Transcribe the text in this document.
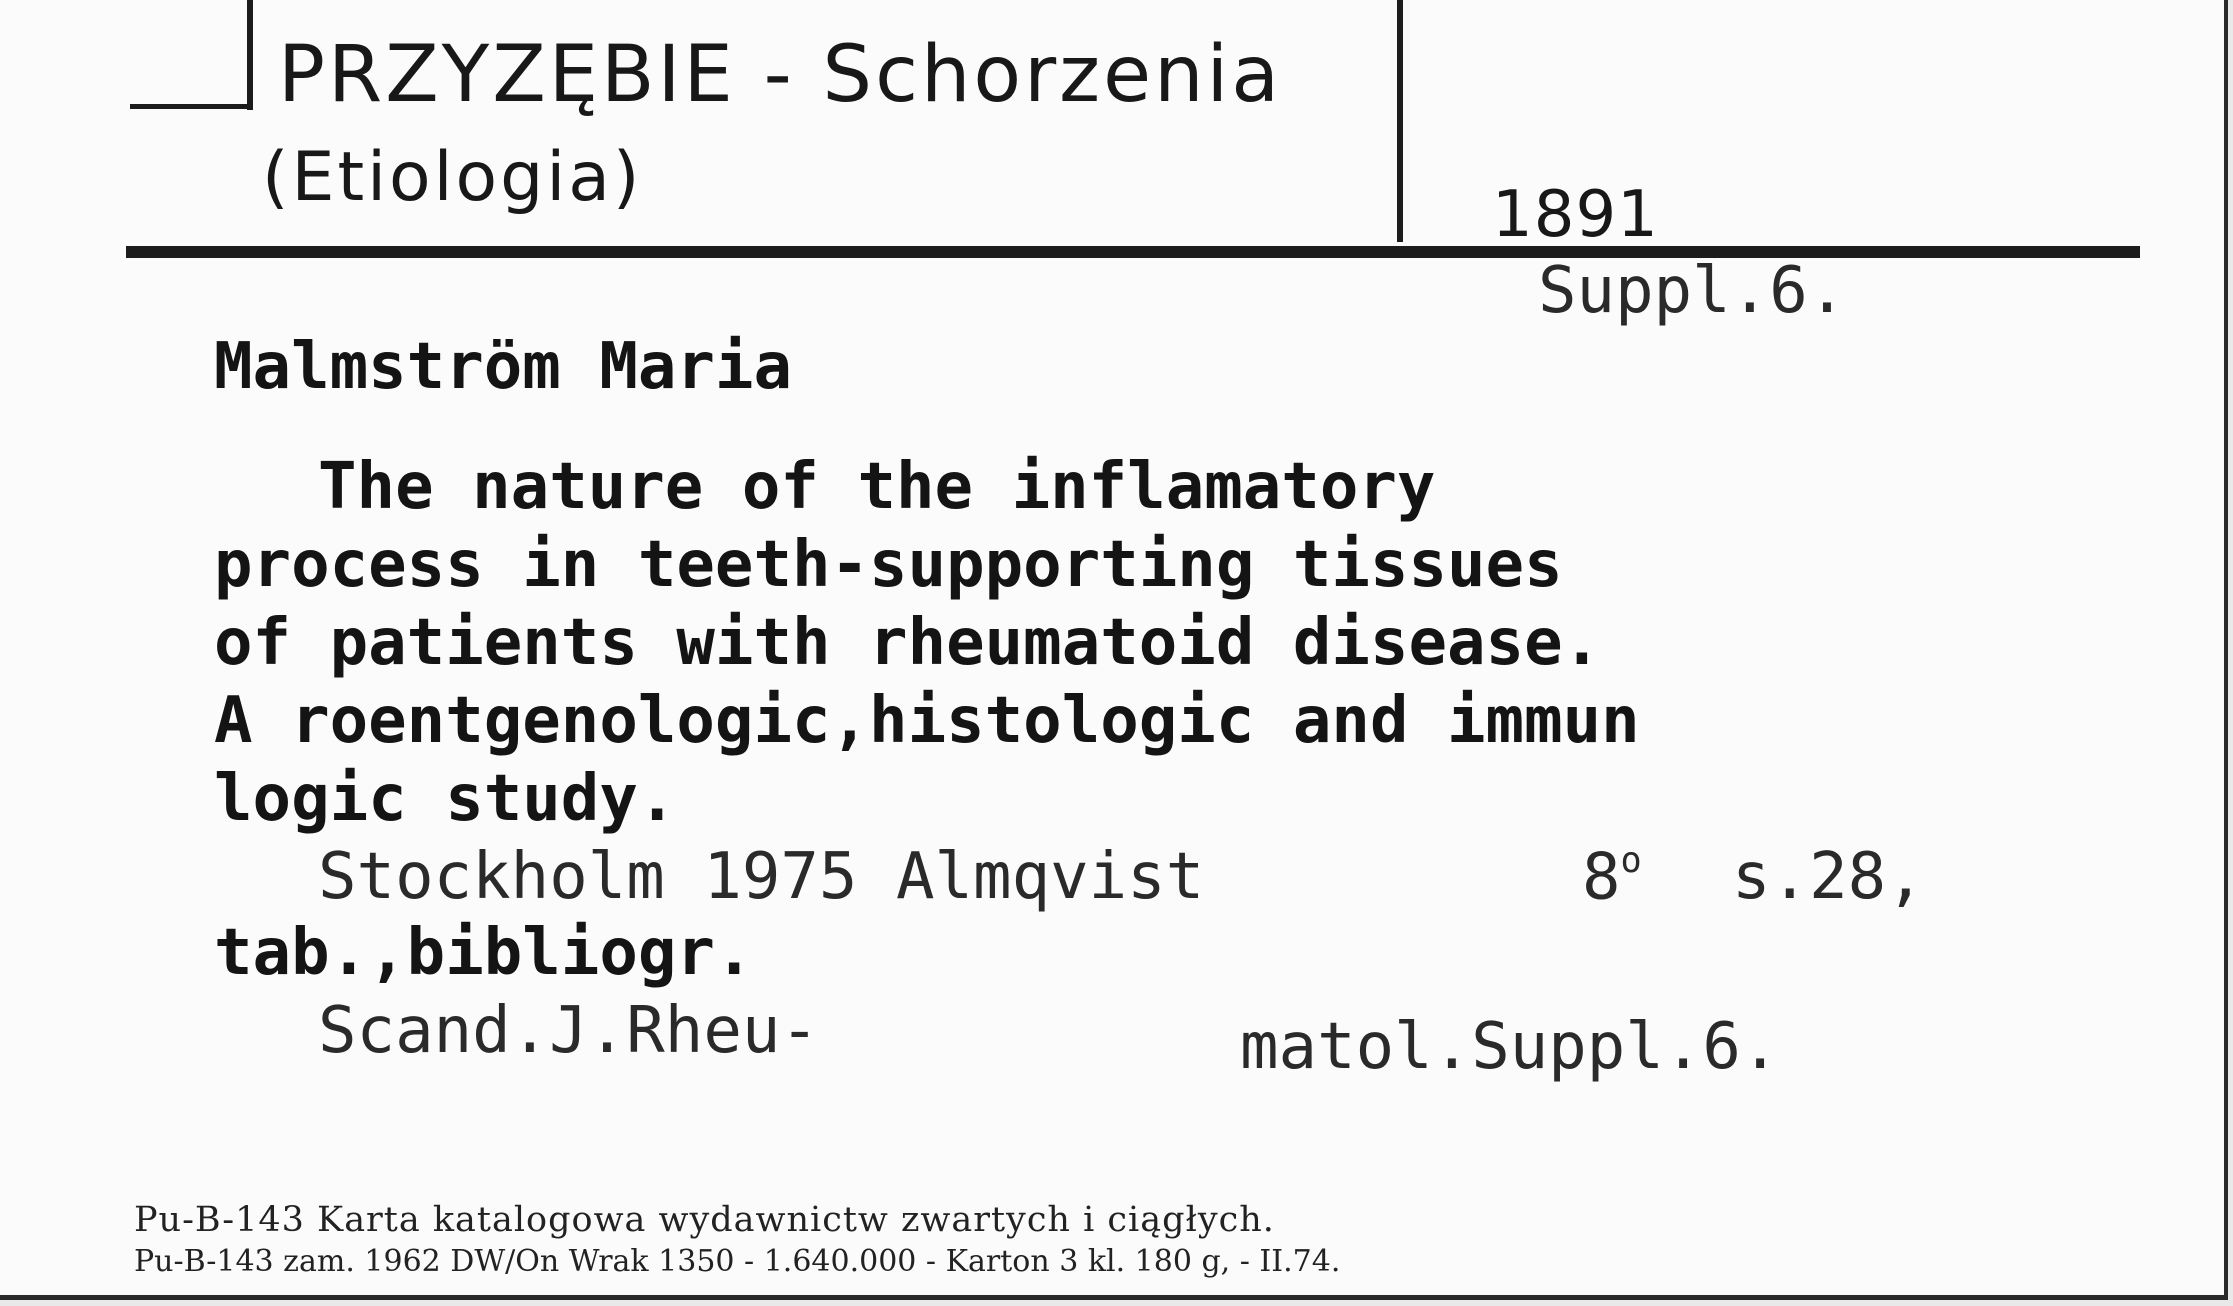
PRZYZĘBIE - Schorzenia

(Etiologia)	1891

Suppl.6.

Malmström Maria

The nature of the inflamatory

process in teeth-supporting tissues

of patients with rheumatoid disease.

A roentgenologic,histologic and immun

logic study.

Stockholm 1975 Almqvist	8$^o$ s.28,

tab.,bibliogr.

Scand.J.Rheu-	matol.Suppl.6.

Pu-B-143 Karta katalogowa wydawnictw zwartych i ciągłych.

Pu-B-143 zam. 1962 DW/On Wrak 1350 - 1.640.000 - Karton 3 kl. 180 g, - II.74.
